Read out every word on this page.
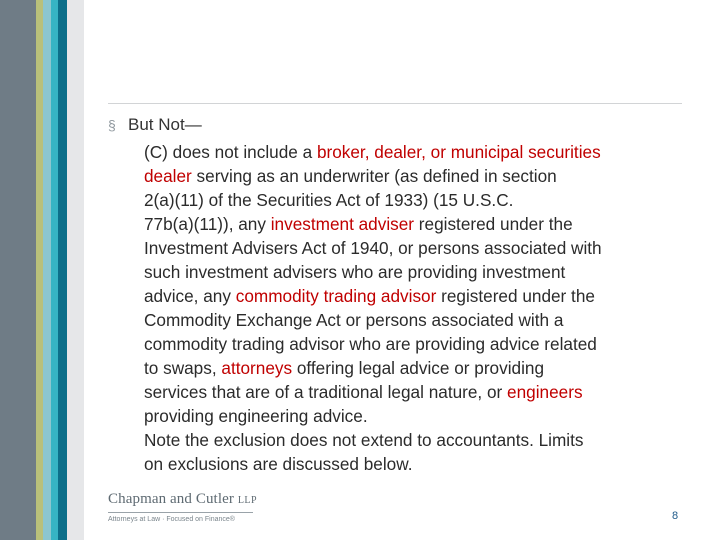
§ But Not—
(C) does not include a broker, dealer, or municipal securities
dealer serving as an underwriter (as defined in section
2(a)(11) of the Securities Act of 1933) (15 U.S.C.
77b(a)(11)), any investment adviser registered under the
Investment Advisers Act of 1940, or persons associated with
such investment advisers who are providing investment
advice, any commodity trading advisor registered under the
Commodity Exchange Act or persons associated with a
commodity trading advisor who are providing advice related
to swaps, attorneys offering legal advice or providing
services that are of a traditional legal nature, or engineers
providing engineering advice.
Note the exclusion does not extend to accountants. Limits
on exclusions are discussed below.
Chapman and Cutler LLP
Attorneys at Law · Focused on Finance®	8
